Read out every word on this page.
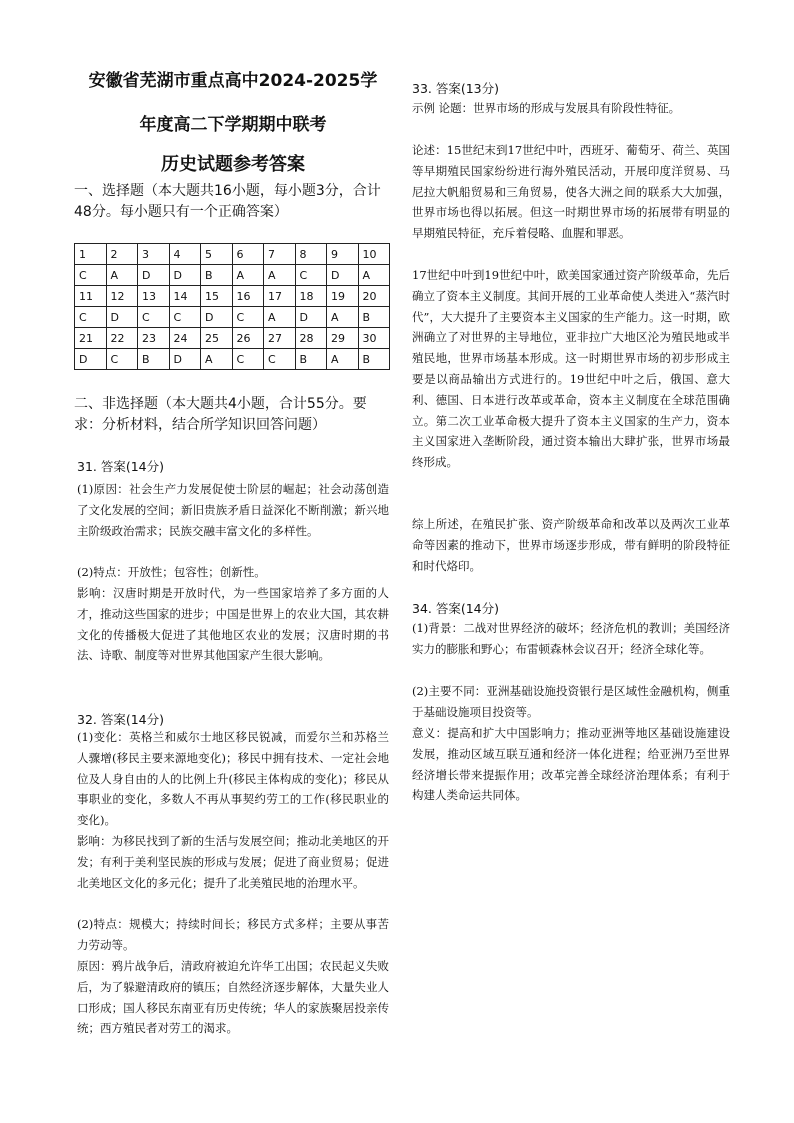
安徽省芜湖市重点高中2024-2025学
年度高二下学期期中联考
历史试题参考答案
一、选择题（本大题共16小题，每小题3分，合计48分。每小题只有一个正确答案）
1	2	3	4	5	6	7	8	9	10
C	A	D	D	B	A	A	C	D	A
11	12	13	14	15	16	17	18	19	20
C	D	C	C	D	C	A	D	A	B
21	22	23	24	25	26	27	28	29	30
D	C	B	D	A	C	C	B	A	B
二、非选择题（本大题共4小题，合计55分。要求：分析材料，结合所学知识回答问题）
31. 答案(14分)
(1)原因：社会生产力发展促使士阶层的崛起；社会动荡创造了文化发展的空间；新旧贵族矛盾日益深化不断削激；新兴地主阶级政治需求；民族交融丰富文化的多样性。
(2)特点：开放性；包容性；创新性。
影响：汉唐时期是开放时代，为一些国家培养了多方面的人才，推动这些国家的进步；中国是世界上的农业大国，其农耕文化的传播极大促进了其他地区农业的发展；汉唐时期的书法、诗歌、制度等对世界其他国家产生很大影响。
32. 答案(14分)
(1)变化：英格兰和威尔士地区移民锐减，而爱尔兰和苏格兰人骤增(移民主要来源地变化)；移民中拥有技术、一定社会地位及人身自由的人的比例上升(移民主体构成的变化)；移民从事职业的变化，多数人不再从事契约劳工的工作(移民职业的变化)。
影响：为移民找到了新的生活与发展空间；推动北美地区的开发；有利于美利坚民族的形成与发展；促进了商业贸易；促进北美地区文化的多元化；提升了北美殖民地的治理水平。
(2)特点：规模大；持续时间长；移民方式多样；主要从事苦力劳动等。
原因：鸦片战争后，清政府被迫允许华工出国；农民起义失败后，为了躲避清政府的镇压；自然经济逐步解体，大量失业人口形成；国人移民东南亚有历史传统；华人的家族聚居投亲传统；西方殖民者对劳工的渴求。
33. 答案(13分)
示例 论题：世界市场的形成与发展具有阶段性特征。
论述：15世纪末到17世纪中叶，西班牙、葡萄牙、荷兰、英国等早期殖民国家纷纷进行海外殖民活动，开展印度洋贸易、马尼拉大帆船贸易和三角贸易，使各大洲之间的联系大大加强，世界市场也得以拓展。但这一时期世界市场的拓展带有明显的早期殖民特征，充斥着侵略、血腥和罪恶。
17世纪中叶到19世纪中叶，欧美国家通过资产阶级革命，先后确立了资本主义制度。其间开展的工业革命使人类进入“蒸汽时代”，大大提升了主要资本主义国家的生产能力。这一时期，欧洲确立了对世界的主导地位，亚非拉广大地区沦为殖民地或半殖民地，世界市场基本形成。这一时期世界市场的初步形成主要是以商品输出方式进行的。19世纪中叶之后，俄国、意大利、德国、日本进行改革或革命，资本主义制度在全球范围确立。第二次工业革命极大提升了资本主义国家的生产力，资本主义国家进入垄断阶段，通过资本输出大肆扩张，世界市场最终形成。
综上所述，在殖民扩张、资产阶级革命和改革以及两次工业革命等因素的推动下，世界市场逐步形成，带有鲜明的阶段特征和时代烙印。
34. 答案(14分)
(1)背景：二战对世界经济的破坏；经济危机的教训；美国经济实力的膨胀和野心；布雷顿森林会议召开；经济全球化等。
(2)主要不同：亚洲基础设施投资银行是区域性金融机构，侧重于基础设施项目投资等。
意义：提高和扩大中国影响力；推动亚洲等地区基础设施建设发展，推动区域互联互通和经济一体化进程；给亚洲乃至世界经济增长带来提振作用；改革完善全球经济治理体系；有利于构建人类命运共同体。
